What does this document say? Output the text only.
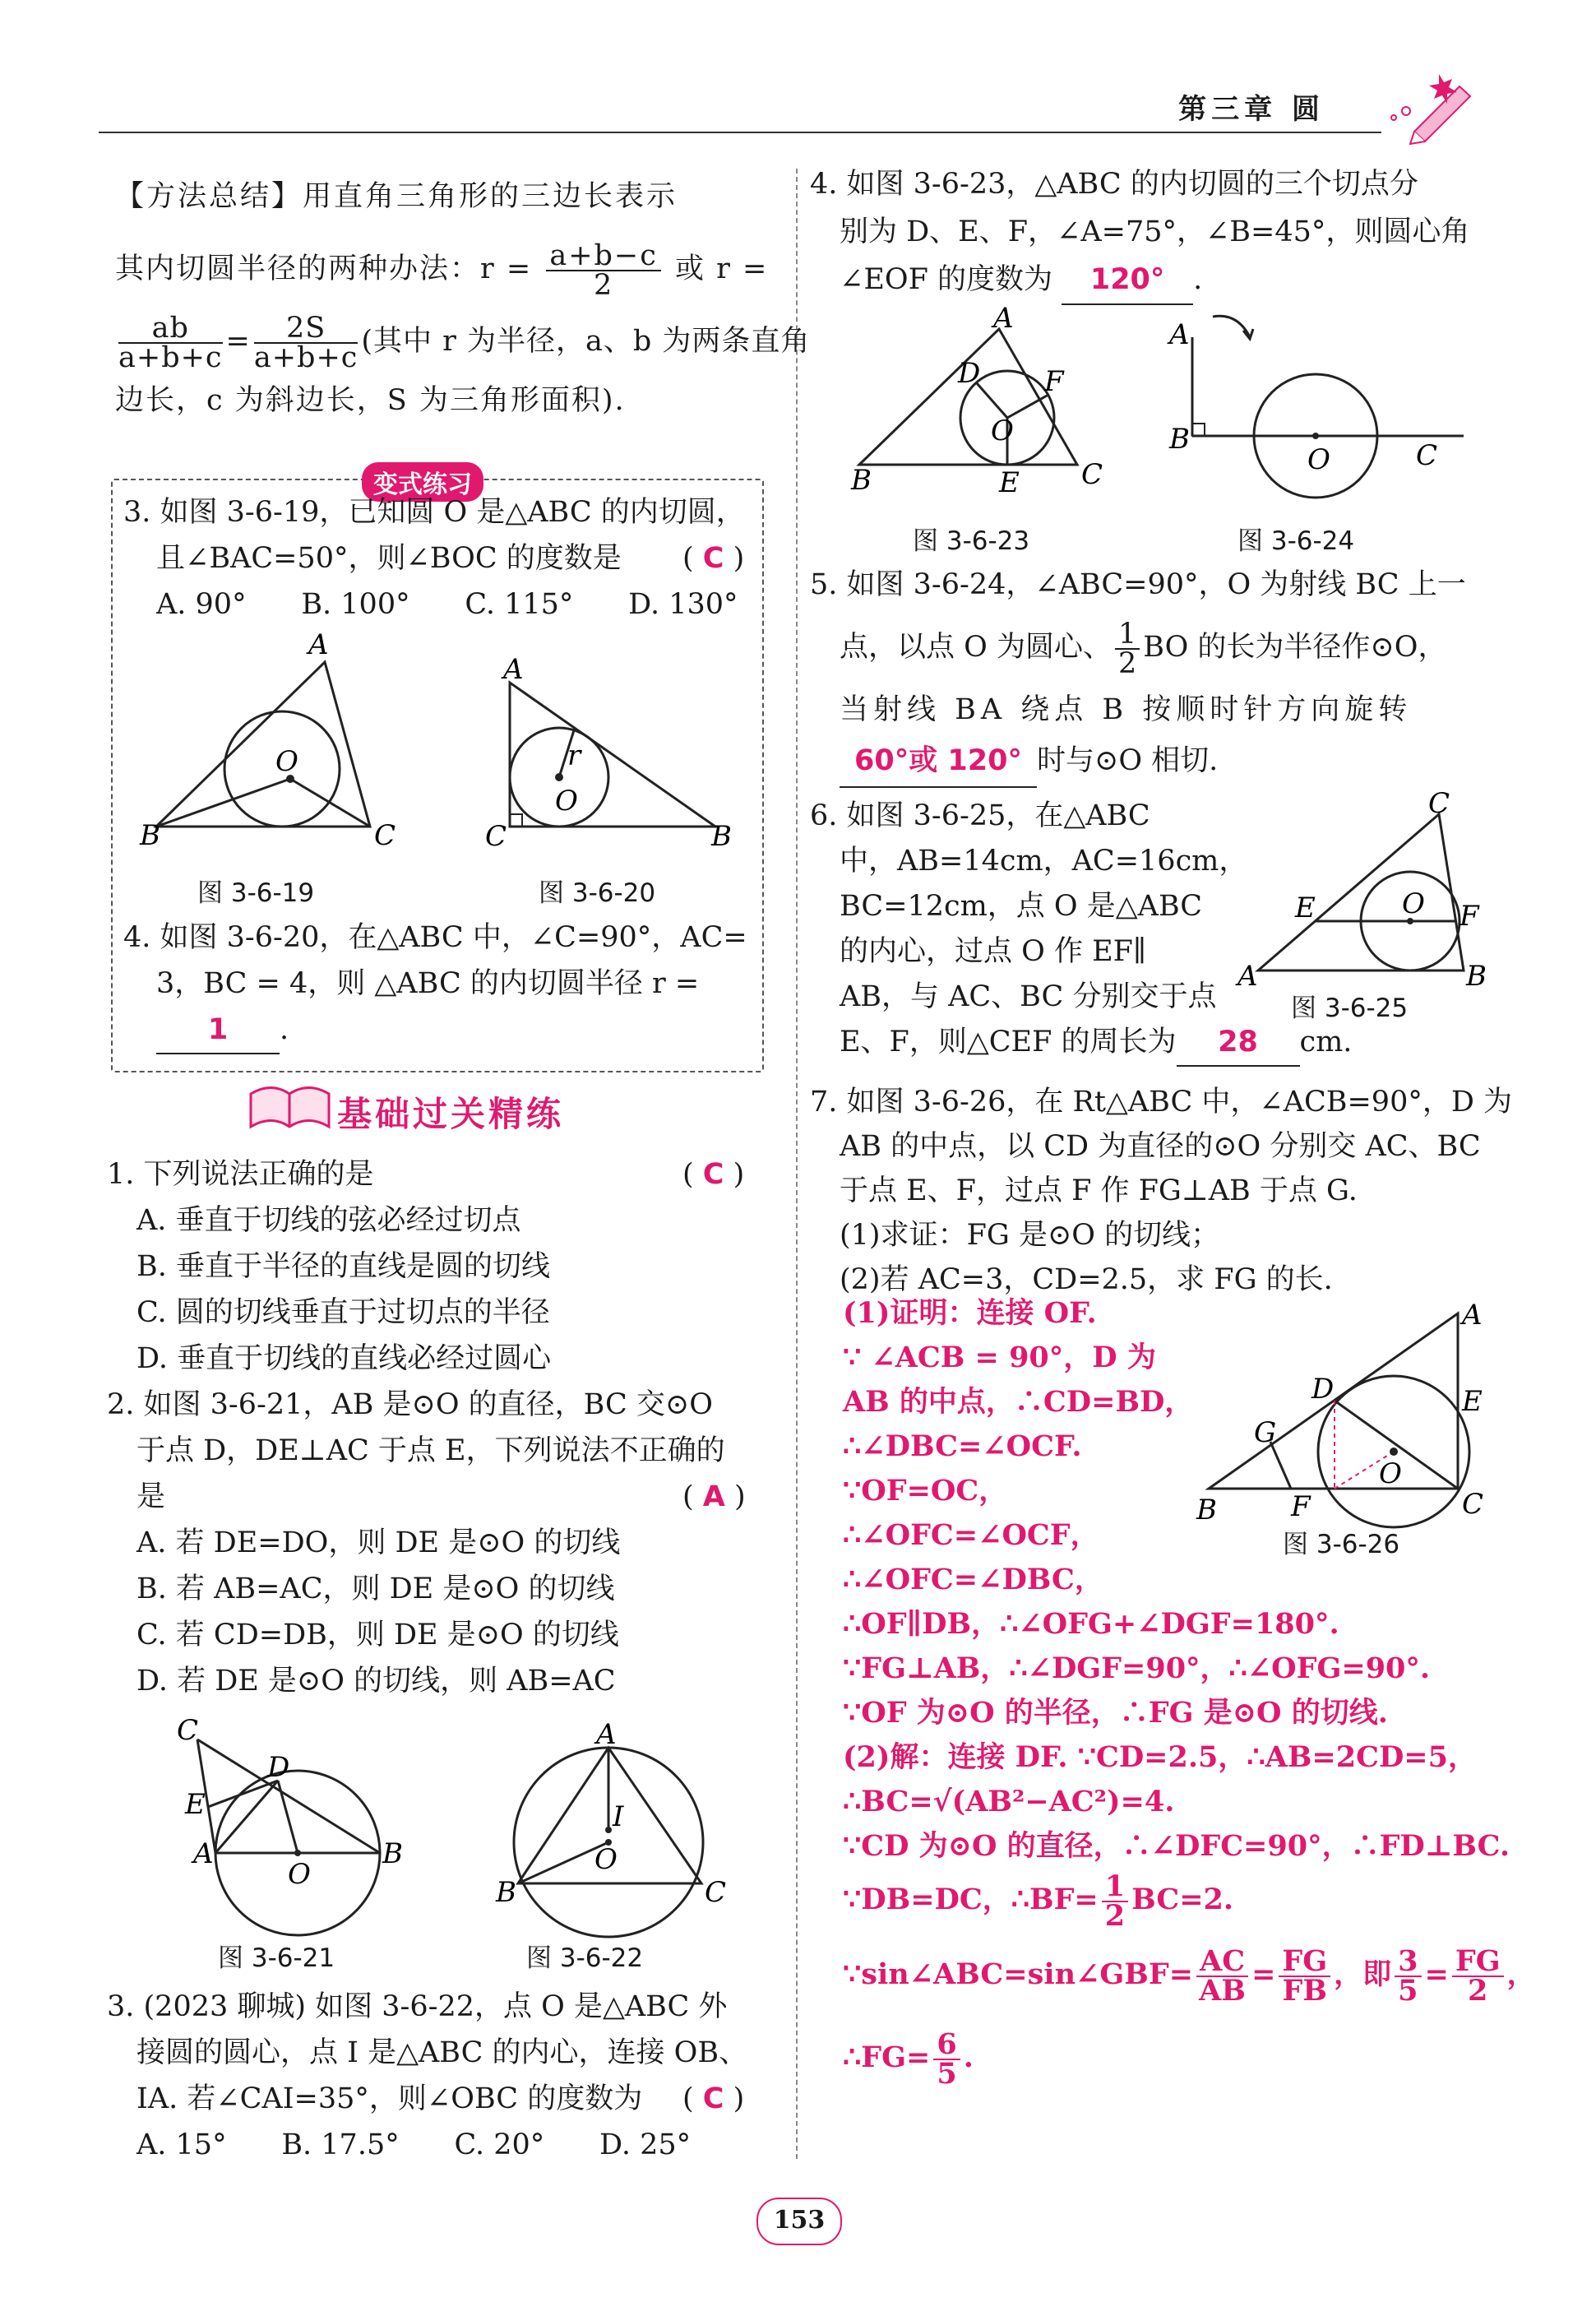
第三章 圆
【方法总结】用直角三角形的三边长表示
其内切圆半径的两种办法：$r = \frac{a+b-c}{2}$ 或 r =
$\frac{ab}{a+b+c} = \frac{2S}{a+b+c}$ (其中 r 为半径，a、b 为两条直角
边长，c 为斜边长，S 为三角形面积).
变式练习
3. 如图 3-6-19，已知圆 O 是△ABC 的内切圆，
且∠BAC=50°，则∠BOC 的度数是 ( C )
A. 90°      B. 100°      C. 115°      D. 130°
A
B	C
O
图 3-6-19
A
C	B
r
O
图 3-6-20
4. 如图 3-6-20，在△ABC 中，∠C=90°，AC=
3，BC = 4，则 △ABC 的内切圆半径 r =
1 .
基础过关精练
1. 下列说法正确的是	( C )
A. 垂直于切线的弦必经过切点
B. 垂直于半径的直线是圆的切线
C. 圆的切线垂直于过切点的半径
D. 垂直于切线的直线必经过圆心
2. 如图 3-6-21，AB 是⊙O 的直径，BC 交⊙O
于点 D，DE⊥AC 于点 E，下列说法不正确的
是	( A )
A. 若 DE=DO，则 DE 是⊙O 的切线
B. 若 AB=AC，则 DE 是⊙O 的切线
C. 若 CD=DB，则 DE 是⊙O 的切线
D. 若 DE 是⊙O 的切线，则 AB=AC
C
D
E
A
O
B
图 3-6-21
A
B	C
I
O
图 3-6-22
3. (2023 聊城) 如图 3-6-22，点 O 是△ABC 外
接圆的圆心，点 I 是△ABC 的内心，连接 OB、
IA. 若∠CAI=35°，则∠OBC 的度数为 ( C )
A. 15°      B. 17.5°      C. 20°      D. 25°
4. 如图 3-6-23，△ABC 的内切圆的三个切点分
别为 D、E、F，∠A=75°，∠B=45°，则圆心角
∠EOF 的度数为 120° .
A
B	C
D F
E
O
图 3-6-23
A
B
O	C
图 3-6-24
5. 如图 3-6-24，∠ABC=90°，O 为射线 BC 上一
点，以点 O 为圆心、 $\frac{1}{2}$ BO 的长为半径作⊙O，
当射线 BA 绕点 B 按顺时针方向旋转
60°或 120° 时与⊙O 相切.
6. 如图 3-6-25，在△ABC
中，AB=14cm，AC=16cm，
BC=12cm，点 O 是△ABC
的内心，过点 O 作 EF∥
AB，与 AC、BC 分别交于点
E、F，则△CEF 的周长为 28 cm.
C
A	B
E	F
O
图 3-6-25
7. 如图 3-6-26，在 Rt△ABC 中，∠ACB=90°，D 为
AB 的中点，以 CD 为直径的⊙O 分别交 AC、BC
于点 E、F，过点 F 作 FG⊥AB 于点 G.
(1)求证：FG 是⊙O 的切线；
(2)若 AC=3，CD=2.5，求 FG 的长.
A
B	C
D	E
F
G
O
图 3-6-26
(1)证明：连接 OF.
∵ ∠ACB = 90°，D 为
AB 的中点，∴CD=BD，
∴∠DBC=∠OCF.
∵OF=OC，
∴∠OFC=∠OCF，
∴∠OFC=∠DBC，
∴OF∥DB，∴∠OFG+∠DGF=180°.
∵FG⊥AB，∴∠DGF=90°，∴∠OFG=90°.
∵OF 为⊙O 的半径，∴FG 是⊙O 的切线.
(2)解：连接 DF. ∵CD=2.5，∴AB=2CD=5，
∴BC=√(AB²−AC²)=4.
∵CD 为⊙O 的直径，∴∠DFC=90°，∴FD⊥BC.
∵DB=DC，∴BF= $\frac{1}{2} BC=2$.
∵sin∠ABC=sin∠GBF= $\frac{AC}{AB} = \frac{FG}{FB}$ ，即 $\frac{3}{5} = \frac{FG}{2}$ ，
∴FG= $\frac{6}{5}$ .
153
